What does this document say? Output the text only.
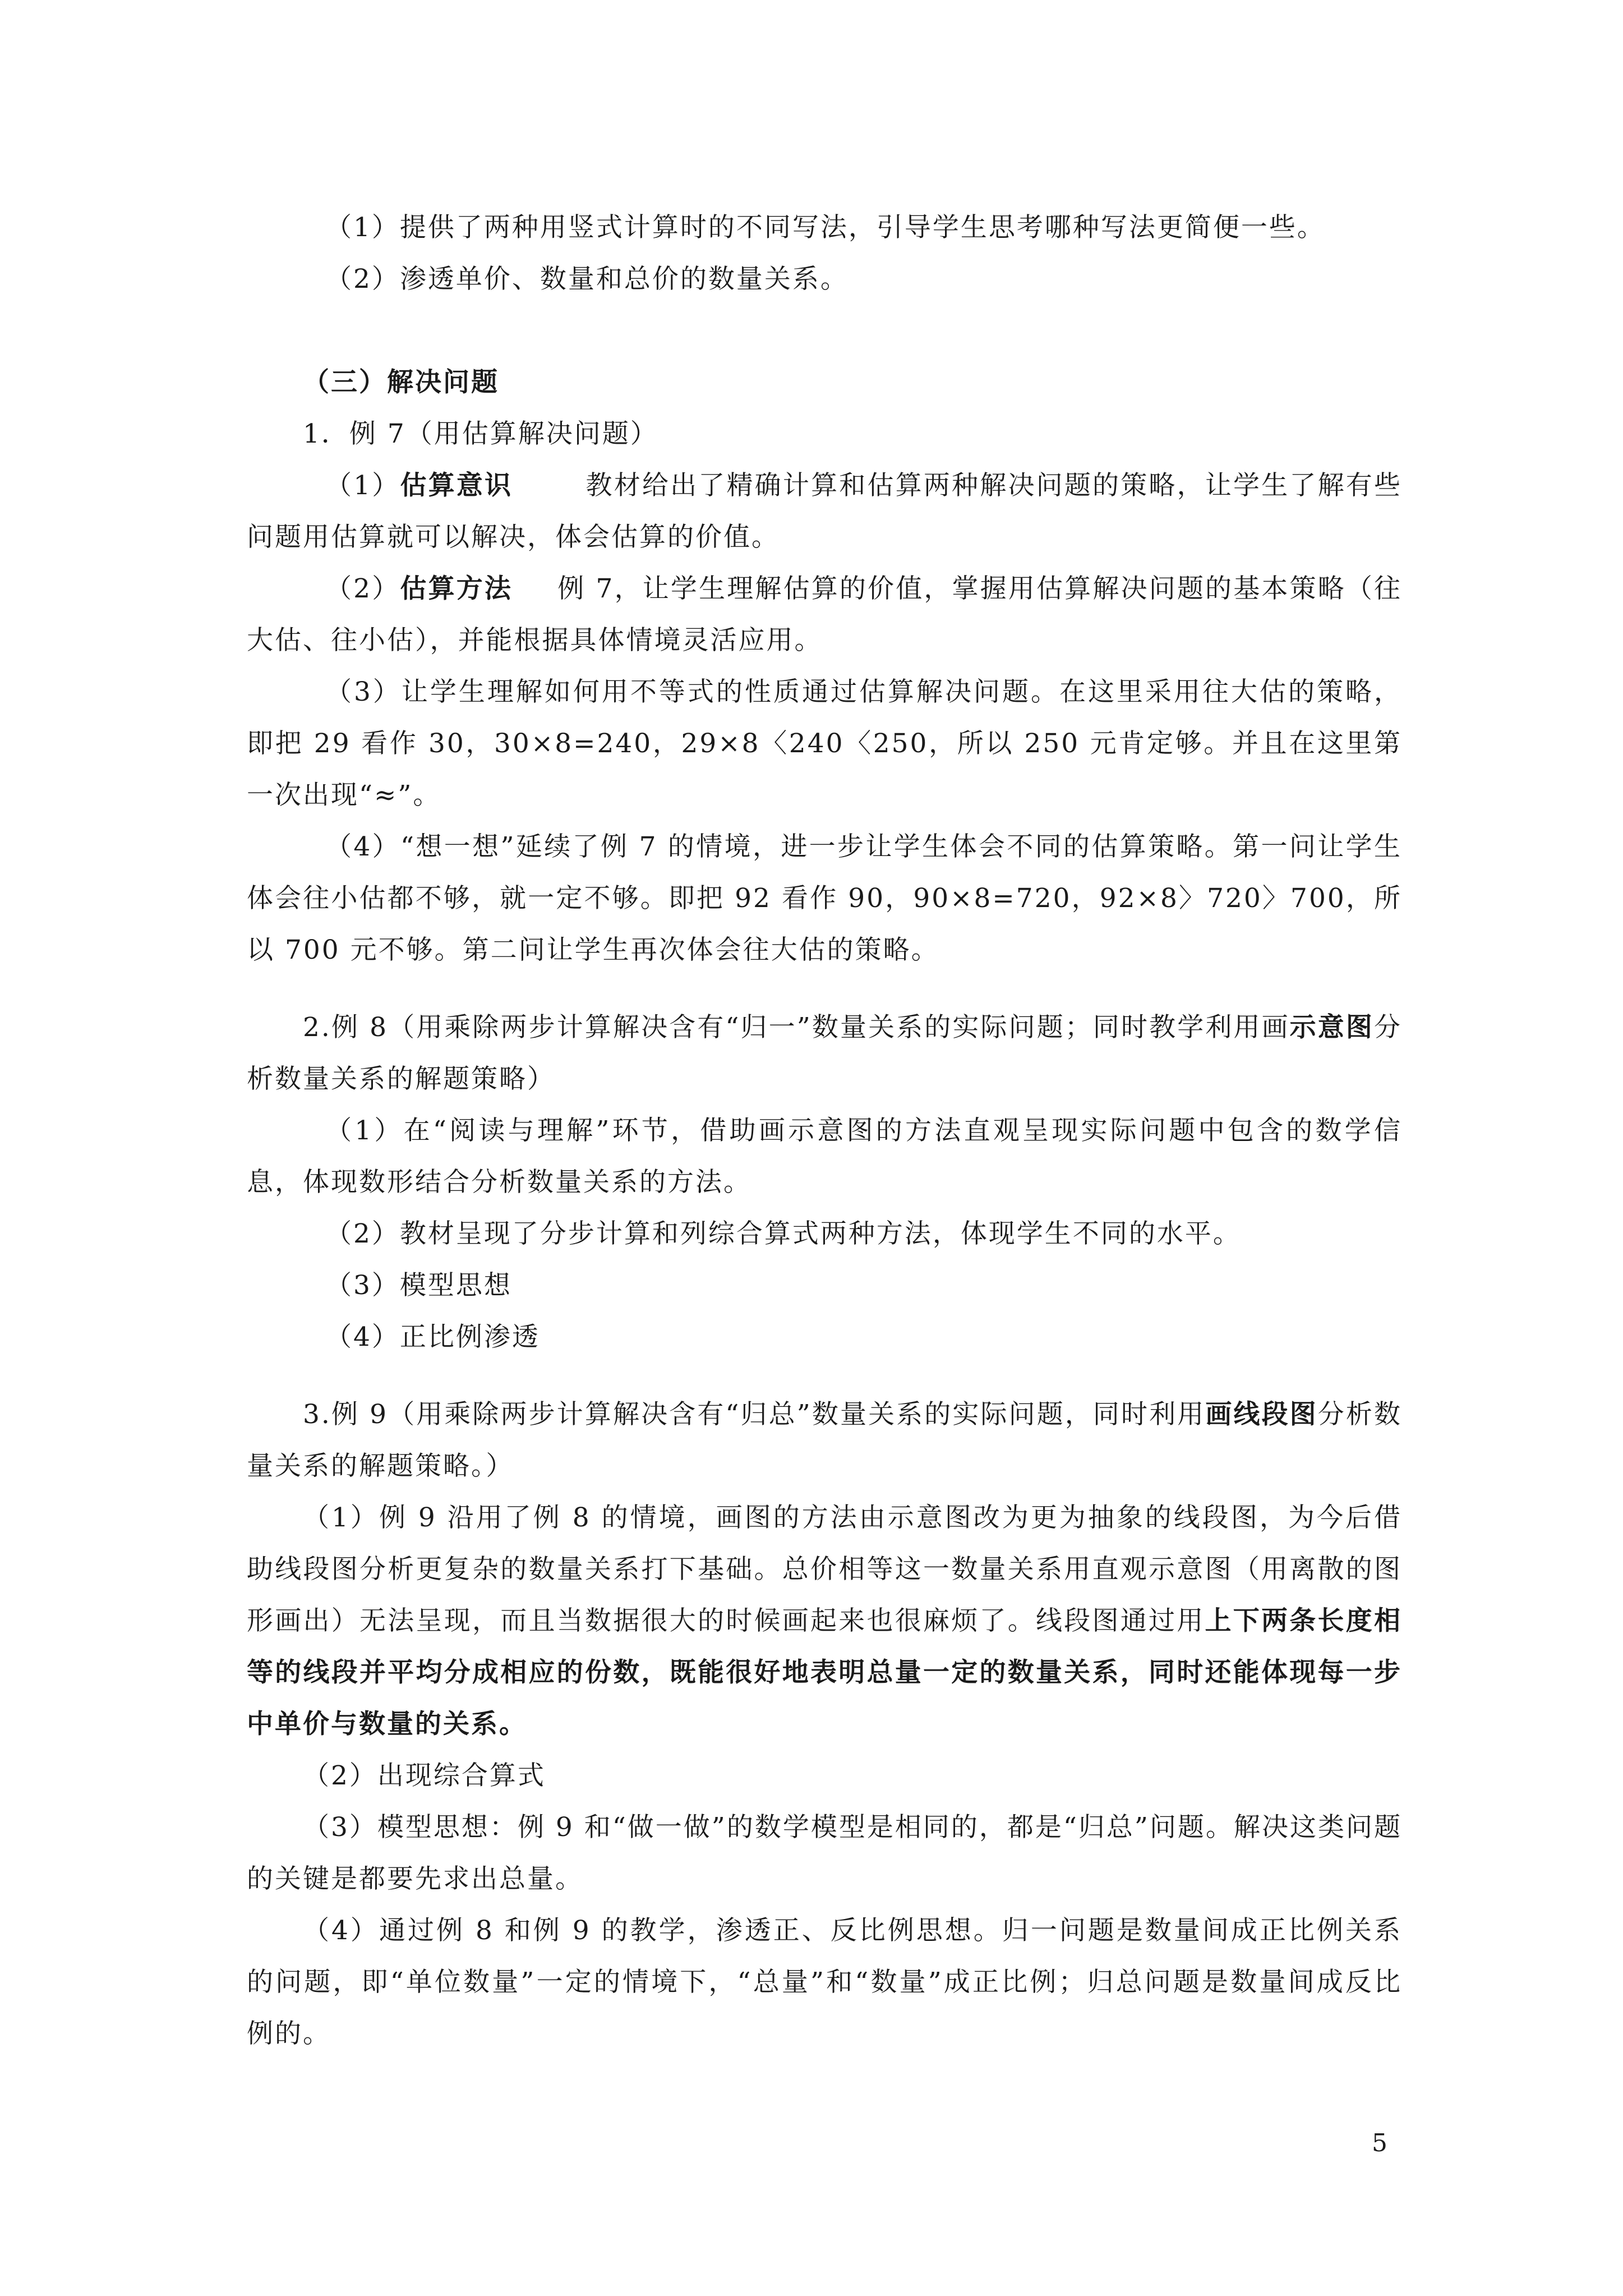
（1）提供了两种用竖式计算时的不同写法，引导学生思考哪种写法更简便一些。

（2）渗透单价、数量和总价的数量关系。

（三）解决问题

1．例 7（用估算解决问题）

（1）估算意识	教材给出了精确计算和估算两种解决问题的策略，让学生了解有些问题用估算就可以解决，体会估算的价值。

（2）估算方法 例 7，让学生理解估算的价值，掌握用估算解决问题的基本策略（往大估、往小估），并能根据具体情境灵活应用。

（3）让学生理解如何用不等式的性质通过估算解决问题。在这里采用往大估的策略，即把 29 看作 30，30×8=240，29×8〈240〈250，所以 250 元肯定够。并且在这里第一次出现“≈”。

（4）“想一想”延续了例 7 的情境，进一步让学生体会不同的估算策略。第一问让学生体会往小估都不够，就一定不够。即把 92 看作 90，90×8=720，92×8〉720〉700，所以 700 元不够。第二问让学生再次体会往大估的策略。

2.例 8（用乘除两步计算解决含有“归一”数量关系的实际问题；同时教学利用画示意图分析数量关系的解题策略）

（1）在“阅读与理解”环节，借助画示意图的方法直观呈现实际问题中包含的数学信息，体现数形结合分析数量关系的方法。

（2）教材呈现了分步计算和列综合算式两种方法，体现学生不同的水平。

（3）模型思想

（4）正比例渗透

3.例 9（用乘除两步计算解决含有“归总”数量关系的实际问题，同时利用画线段图分析数量关系的解题策略。）

（1）例 9 沿用了例 8 的情境，画图的方法由示意图改为更为抽象的线段图，为今后借助线段图分析更复杂的数量关系打下基础。总价相等这一数量关系用直观示意图（用离散的图形画出）无法呈现，而且当数据很大的时候画起来也很麻烦了。线段图通过用上下两条长度相等的线段并平均分成相应的份数，既能很好地表明总量一定的数量关系，同时还能体现每一步中单价与数量的关系。

（2）出现综合算式

（3）模型思想：例 9 和“做一做”的数学模型是相同的，都是“归总”问题。解决这类问题的关键是都要先求出总量。

（4）通过例 8 和例 9 的教学，渗透正、反比例思想。归一问题是数量间成正比例关系的问题，即“单位数量”一定的情境下，“总量”和“数量”成正比例；归总问题是数量间成反比例的。

5
